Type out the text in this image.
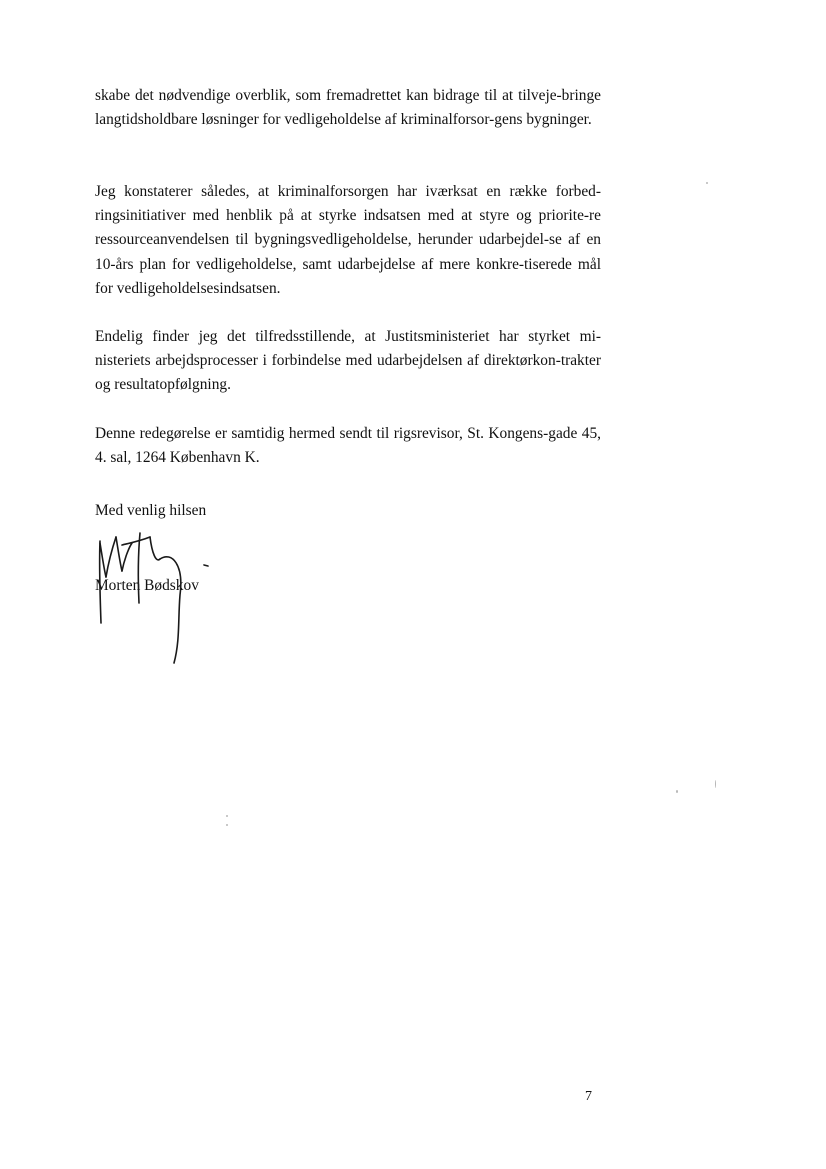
skabe det nødvendige overblik, som fremadrettet kan bidrage til at tilveje-bringe langtidsholdbare løsninger for vedligeholdelse af kriminalforsor-gens bygninger.
Jeg konstaterer således, at kriminalforsorgen har iværksat en række forbed-ringsinitiativer med henblik på at styrke indsatsen med at styre og priorite-re ressourceanvendelsen til bygningsvedligeholdelse, herunder udarbejdel-se af en 10-års plan for vedligeholdelse, samt udarbejdelse af mere konkre-tiserede mål for vedligeholdelsesindsatsen.
Endelig finder jeg det tilfredsstillende, at Justitsministeriet har styrket mi-nisteriets arbejdsprocesser i forbindelse med udarbejdelsen af direktørkon-trakter og resultatopfølgning.
Denne redegørelse er samtidig hermed sendt til rigsrevisor, St. Kongens-gade 45, 4. sal, 1264 København K.
Med venlig hilsen
Morten Bødskov
7
